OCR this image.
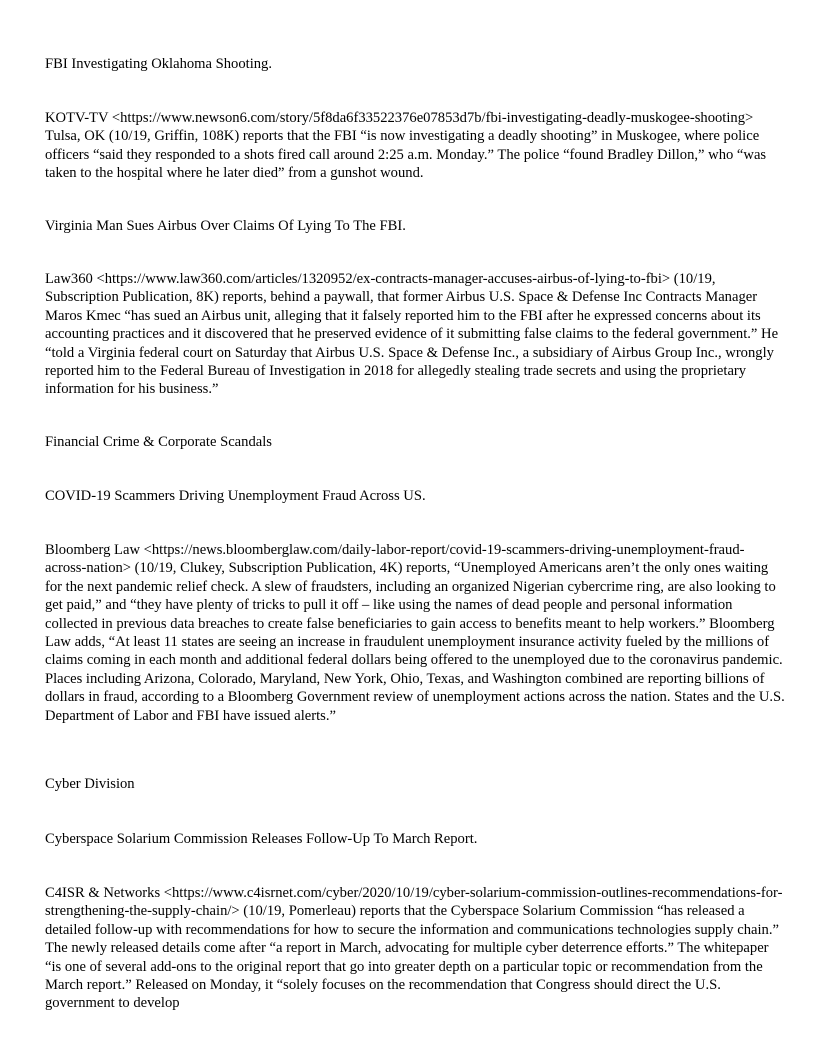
FBI Investigating Oklahoma Shooting.

KOTV-TV <https://www.newson6.com/story/5f8da6f33522376e07853d7b/fbi-investigating-deadly-muskogee-shooting> Tulsa, OK (10/19, Griffin, 108K) reports that the FBI “is now investigating a deadly shooting” in Muskogee, where police officers “said they responded to a shots fired call around 2:25 a.m. Monday.” The police “found Bradley Dillon,” who “was taken to the hospital where he later died” from a gunshot wound.

Virginia Man Sues Airbus Over Claims Of Lying To The FBI.

Law360 <https://www.law360.com/articles/1320952/ex-contracts-manager-accuses-airbus-of-lying-to-fbi> (10/19, Subscription Publication, 8K) reports, behind a paywall, that former Airbus U.S. Space & Defense Inc Contracts Manager Maros Kmec “has sued an Airbus unit, alleging that it falsely reported him to the FBI after he expressed concerns about its accounting practices and it discovered that he preserved evidence of it submitting false claims to the federal government.” He “told a Virginia federal court on Saturday that Airbus U.S. Space & Defense Inc., a subsidiary of Airbus Group Inc., wrongly reported him to the Federal Bureau of Investigation in 2018 for allegedly stealing trade secrets and using the proprietary information for his business.”

Financial Crime & Corporate Scandals

COVID-19 Scammers Driving Unemployment Fraud Across US.

Bloomberg Law <https://news.bloomberglaw.com/daily-labor-report/covid-19-scammers-driving-unemployment-fraud-across-nation> (10/19, Clukey, Subscription Publication, 4K) reports, “Unemployed Americans aren’t the only ones waiting for the next pandemic relief check. A slew of fraudsters, including an organized Nigerian cybercrime ring, are also looking to get paid,” and “they have plenty of tricks to pull it off – like using the names of dead people and personal information collected in previous data breaches to create false beneficiaries to gain access to benefits meant to help workers.” Bloomberg Law adds, “At least 11 states are seeing an increase in fraudulent unemployment insurance activity fueled by the millions of claims coming in each month and additional federal dollars being offered to the unemployed due to the coronavirus pandemic. Places including Arizona, Colorado, Maryland, New York, Ohio, Texas, and Washington combined are reporting billions of dollars in fraud, according to a Bloomberg Government review of unemployment actions across the nation. States and the U.S. Department of Labor and FBI have issued alerts.”

Cyber Division

Cyberspace Solarium Commission Releases Follow-Up To March Report.

C4ISR & Networks <https://www.c4isrnet.com/cyber/2020/10/19/cyber-solarium-commission-outlines-recommendations-for-strengthening-the-supply-chain/> (10/19, Pomerleau) reports that the Cyberspace Solarium Commission “has released a detailed follow-up with recommendations for how to secure the information and communications technologies supply chain.” The newly released details come after “a report in March, advocating for multiple cyber deterrence efforts.” The whitepaper “is one of several add-ons to the original report that go into greater depth on a particular topic or recommendation from the March report.” Released on Monday, it “solely focuses on the recommendation that Congress should direct the U.S. government to develop
